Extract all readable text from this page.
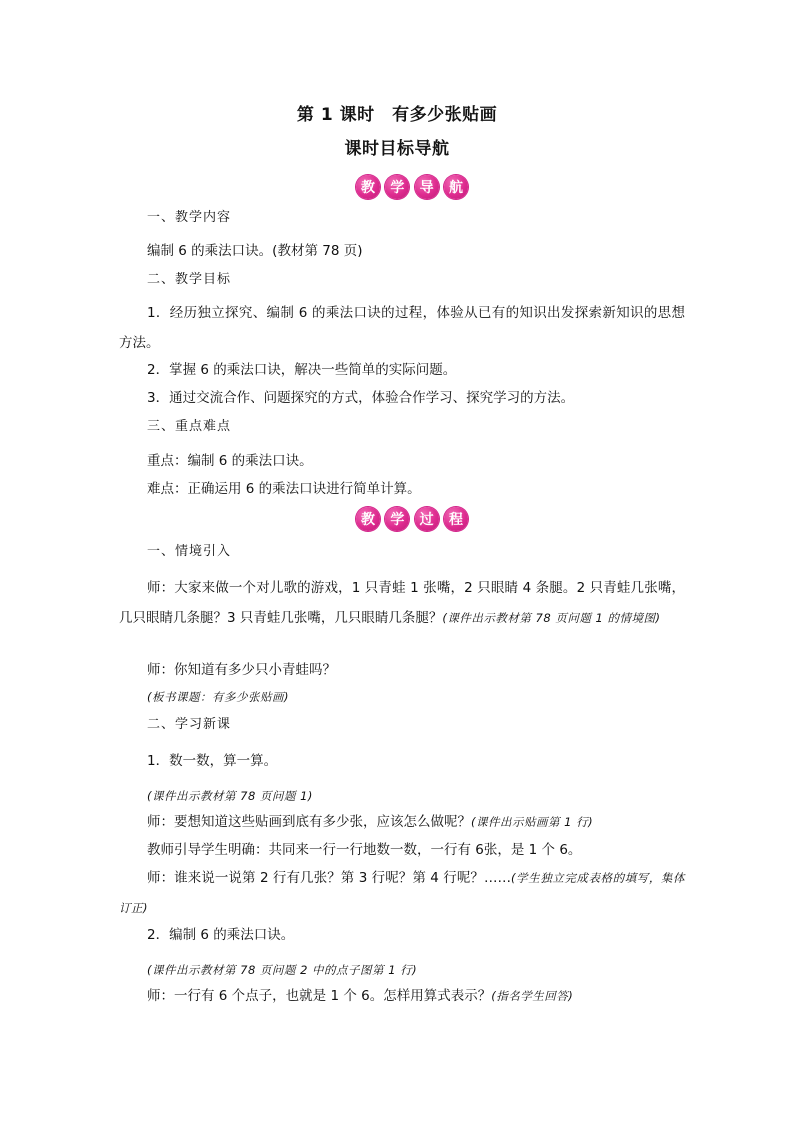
第 1 课时　有多少张贴画
课时目标导航
教	学	导	航
一、教学内容
编制 6 的乘法口诀。(教材第 78 页)
二、教学目标
1．经历独立探究、编制 6 的乘法口诀的过程，体验从已有的知识出发探索新知识的思想方法。
2．掌握 6 的乘法口诀，解决一些简单的实际问题。
3．通过交流合作、问题探究的方式，体验合作学习、探究学习的方法。
三、重点难点
重点：编制 6 的乘法口诀。
难点：正确运用 6 的乘法口诀进行简单计算。
教	学	过	程
一、情境引入
师：大家来做一个对儿歌的游戏，1 只青蛙 1 张嘴，2 只眼睛 4 条腿。2 只青蛙几张嘴，几只眼睛几条腿？3 只青蛙几张嘴，几只眼睛几条腿？(课件出示教材第 78 页问题 1 的情境图)
师：你知道有多少只小青蛙吗？
(板书课题：有多少张贴画)
二、学习新课
1．数一数，算一算。
(课件出示教材第 78 页问题 1)
师：要想知道这些贴画到底有多少张，应该怎么做呢？(课件出示贴画第 1 行)
教师引导学生明确：共同来一行一行地数一数，一行有 6张，是 1 个 6。
师：谁来说一说第 2 行有几张？第 3 行呢？第 4 行呢？……(学生独立完成表格的填写，集体订正)
2．编制 6 的乘法口诀。
(课件出示教材第 78 页问题 2 中的点子图第 1 行)
师：一行有 6 个点子，也就是 1 个 6。怎样用算式表示？(指名学生回答)
